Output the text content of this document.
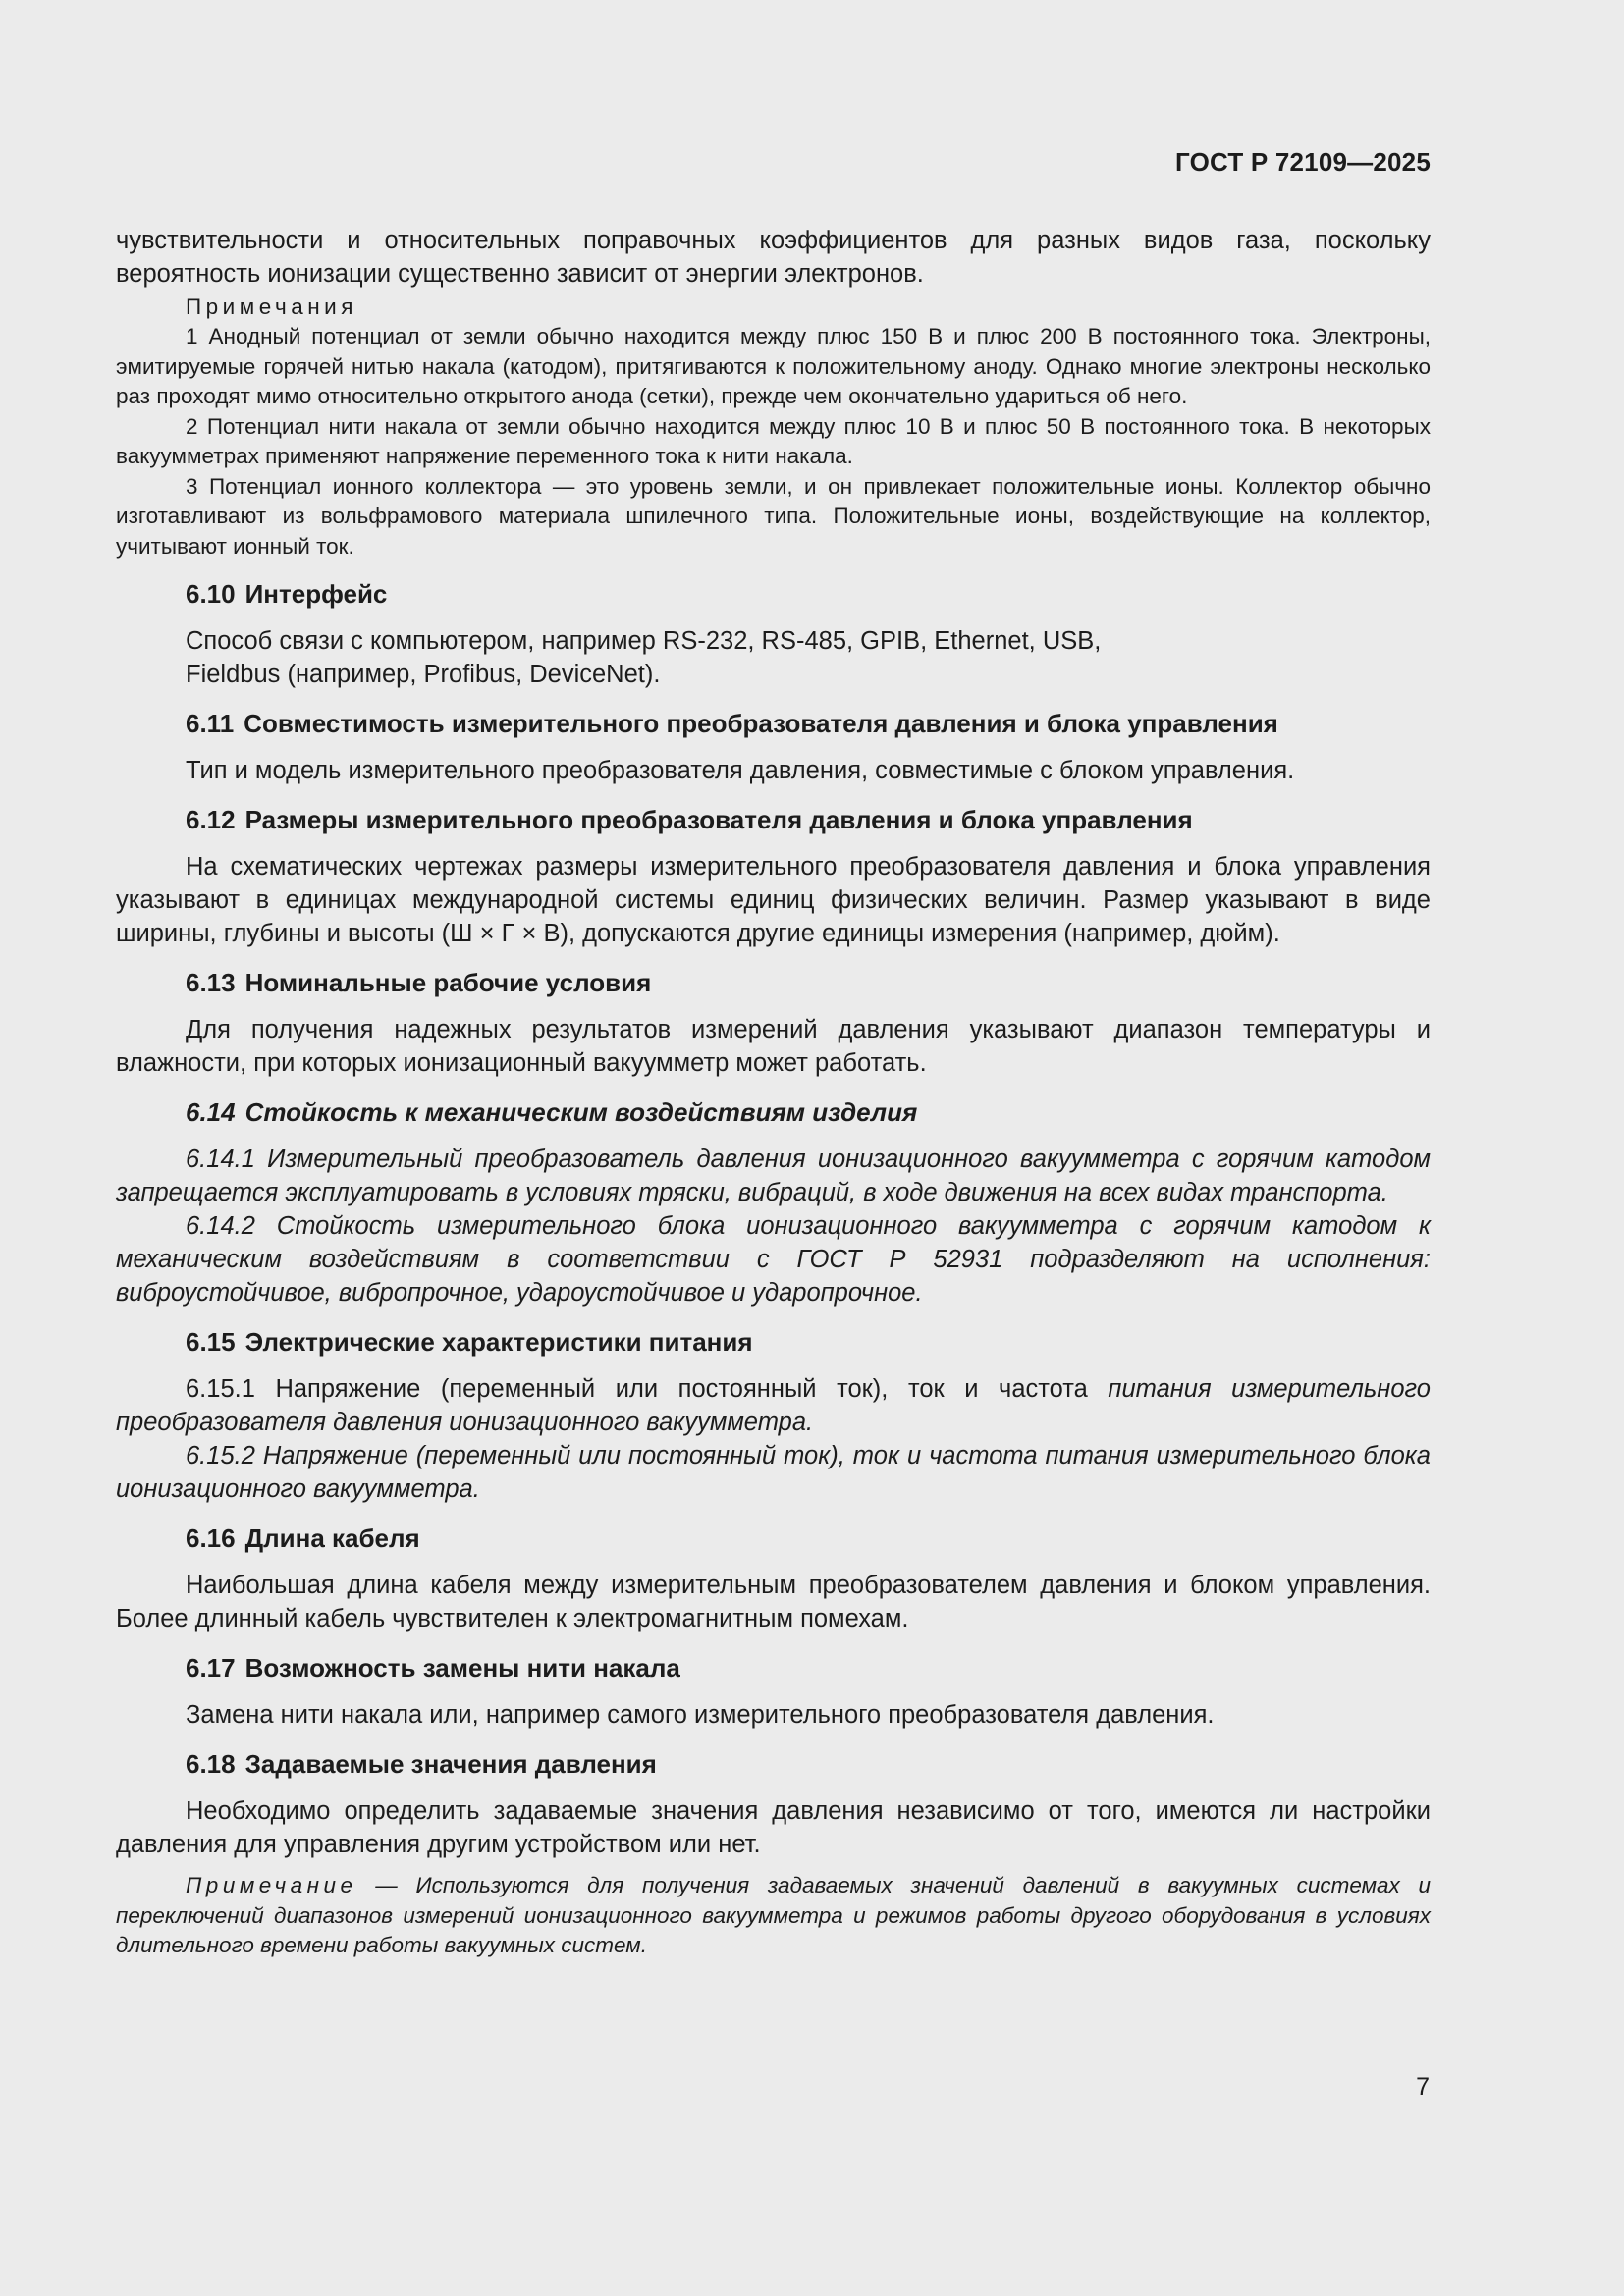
ГОСТ Р 72109—2025

чувствительности и относительных поправочных коэффициентов для разных видов газа, поскольку вероятность ионизации существенно зависит от энергии электронов.

Примечания

1 Анодный потенциал от земли обычно находится между плюс 150 В и плюс 200 В постоянного тока. Электроны, эмитируемые горячей нитью накала (катодом), притягиваются к положительному аноду. Однако многие электроны несколько раз проходят мимо относительно открытого анода (сетки), прежде чем окончательно удариться об него.

2 Потенциал нити накала от земли обычно находится между плюс 10 В и плюс 50 В постоянного тока. В некоторых вакуумметрах применяют напряжение переменного тока к нити накала.

3 Потенциал ионного коллектора — это уровень земли, и он привлекает положительные ионы. Коллектор обычно изготавливают из вольфрамового материала шпилечного типа. Положительные ионы, воздействующие на коллектор, учитывают ионный ток.

6.10 Интерфейс

Способ связи с компьютером, например RS-232, RS-485, GPIB, Ethernet, USB,

Fieldbus (например, Profibus, DeviceNet).

6.11 Совместимость измерительного преобразователя давления и блока управления

Тип и модель измерительного преобразователя давления, совместимые с блоком управления.

6.12 Размеры измерительного преобразователя давления и блока управления

На схематических чертежах размеры измерительного преобразователя давления и блока управления указывают в единицах международной системы единиц физических величин. Размер указывают в виде ширины, глубины и высоты (Ш × Г × В), допускаются другие единицы измерения (например, дюйм).

6.13 Номинальные рабочие условия

Для получения надежных результатов измерений давления указывают диапазон температуры и влажности, при которых ионизационный вакуумметр может работать.

6.14 Стойкость к механическим воздействиям изделия

6.14.1 Измерительный преобразователь давления ионизационного вакуумметра с горячим катодом запрещается эксплуатировать в условиях тряски, вибраций, в ходе движения на всех видах транспорта.

6.14.2 Стойкость измерительного блока ионизационного вакуумметра с горячим катодом к механическим воздействиям в соответствии с ГОСТ Р 52931 подразделяют на исполнения: виброустойчивое, вибропрочное, удароустойчивое и ударопрочное.

6.15 Электрические характеристики питания

6.15.1 Напряжение (переменный или постоянный ток), ток и частота питания измерительного преобразователя давления ионизационного вакуумметра.

6.15.2 Напряжение (переменный или постоянный ток), ток и частота питания измерительного блока ионизационного вакуумметра.

6.16 Длина кабеля

Наибольшая длина кабеля между измерительным преобразователем давления и блоком управления. Более длинный кабель чувствителен к электромагнитным помехам.

6.17 Возможность замены нити накала

Замена нити накала или, например самого измерительного преобразователя давления.

6.18 Задаваемые значения давления

Необходимо определить задаваемые значения давления независимо от того, имеются ли настройки давления для управления другим устройством или нет.

Примечание — Используются для получения задаваемых значений давлений в вакуумных системах и переключений диапазонов измерений ионизационного вакуумметра и режимов работы другого оборудования в условиях длительного времени работы вакуумных систем.

7
